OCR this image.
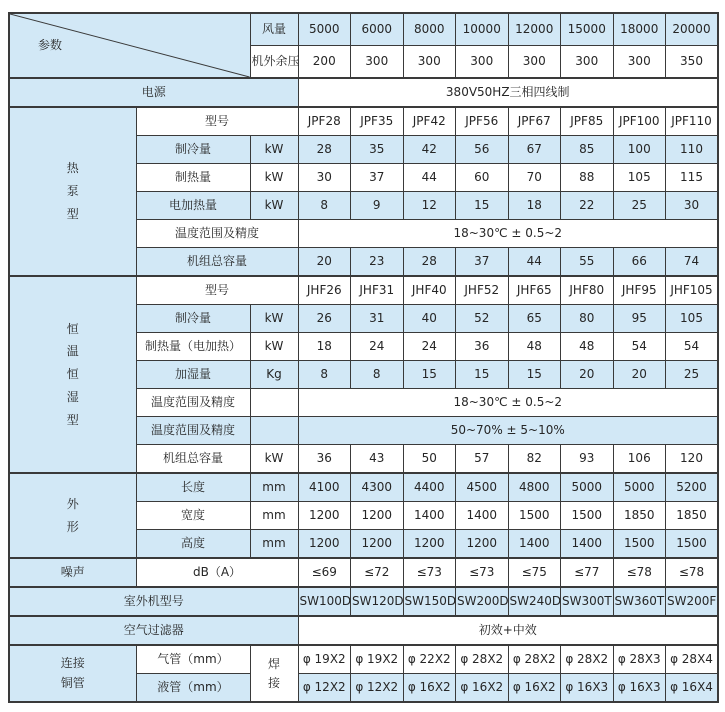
参数		风量	5000	6000	8000	10000	12000	15000	18000	20000
		机外余压	200	300	300	300	300	300	300	350
电源			380V50HZ三相四线制							
热泵型	型号		JPF28	JPF35	JPF42	JPF56	JPF67	JPF85	JPF100	JPF110
	制冷量	kW	28	35	42	56	67	85	100	110
	制热量	kW	30	37	44	60	70	88	105	115
	电加热量	kW	8	9	12	15	18	22	25	30
	温度范围及精度		18~30℃ ± 0.5~2							
	机组总容量		20	23	28	37	44	55	66	74
恒温恒湿型	型号		JHF26	JHF31	JHF40	JHF52	JHF65	JHF80	JHF95	JHF105
	制冷量	kW	26	31	40	52	65	80	95	105
	制热量（电加热）	kW	18	24	24	36	48	48	54	54
	加湿量	Kg	8	8	15	15	15	20	20	25
	温度范围及精度		18~30℃ ± 0.5~2							
	温度范围及精度		50~70% ± 5~10%							
	机组总容量	kW	36	43	50	57	82	93	106	120
外形	长度	mm	4100	4300	4400	4500	4800	5000	5000	5200
	宽度	mm	1200	1200	1400	1400	1500	1500	1850	1850
	高度	mm	1200	1200	1200	1200	1400	1400	1500	1500
噪声	dB（A）		≤69	≤72	≤73	≤73	≤75	≤77	≤78	≤78
室外机型号			SW100D	SW120D	SW150D	SW200D	SW240D	SW300T	SW360T	SW200F
空气过滤器			初效+中效							
连接铜管	气管（mm）	焊接	φ 19X2	φ 19X2	φ 22X2	φ 28X2	φ 28X2	φ 28X2	φ 28X3	φ 28X4
	液管（mm）		φ 12X2	φ 12X2	φ 16X2	φ 16X2	φ 16X2	φ 16X3	φ 16X3	φ 16X4
